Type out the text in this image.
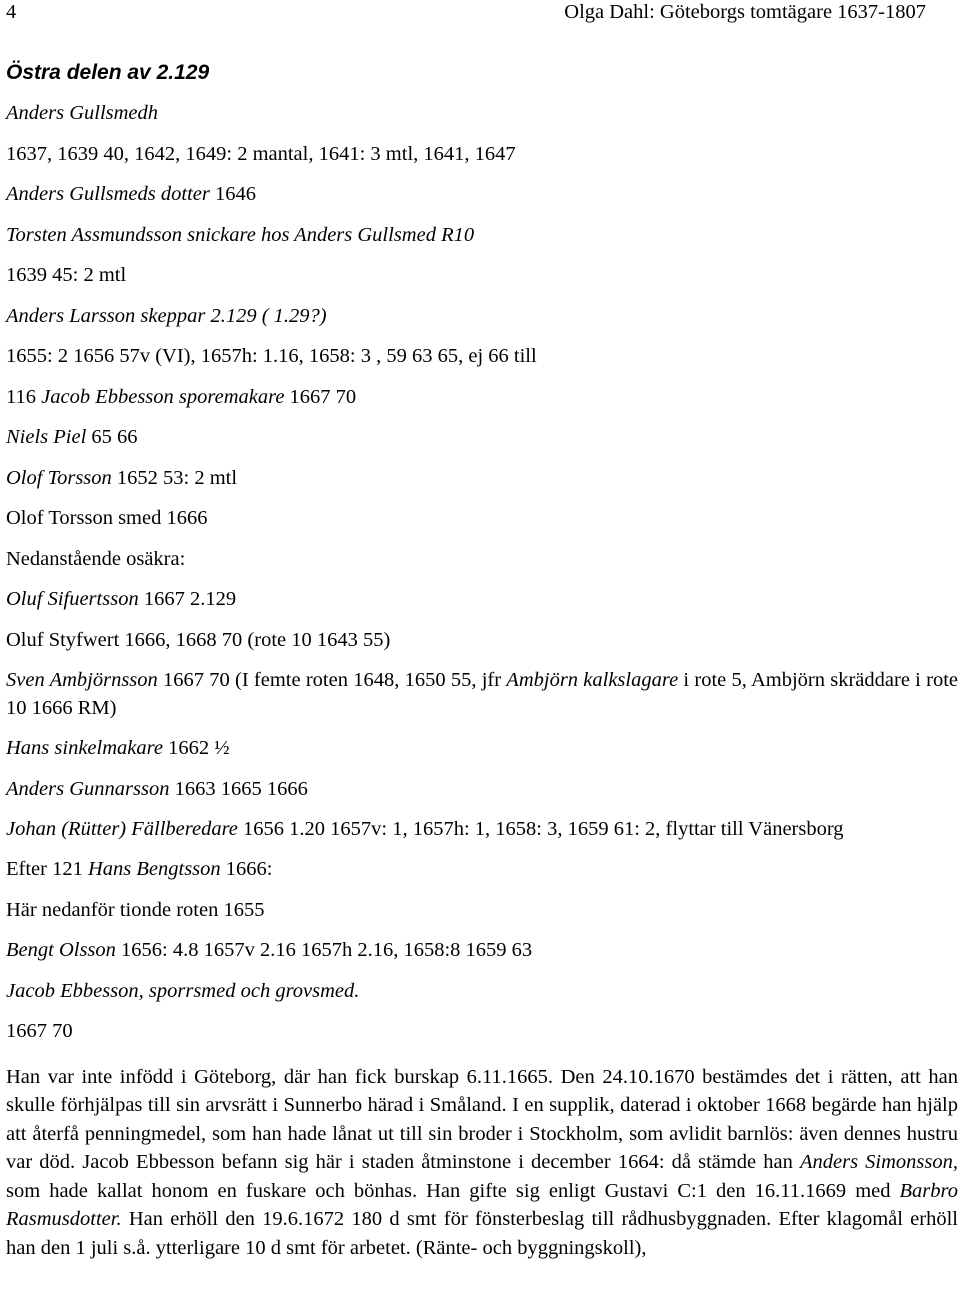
4	Olga Dahl: Göteborgs tomtägare 1637-1807
Östra delen av 2.129
Anders Gullsmedh
1637, 1639 40, 1642, 1649: 2 mantal, 1641: 3 mtl, 1641, 1647
Anders Gullsmeds dotter 1646
Torsten Assmundsson snickare hos Anders Gullsmed R10
1639 45: 2 mtl
Anders Larsson skeppar 2.129 ( 1.29?)
1655: 2 1656 57v (VI), 1657h: 1.16, 1658: 3 , 59 63 65, ej 66 till
116 Jacob Ebbesson sporemakare 1667 70
Niels Piel 65 66
Olof Torsson 1652 53: 2 mtl
Olof Torsson smed 1666
Nedanstående osäkra:
Oluf Sifuertsson 1667 2.129
Oluf Styfwert 1666, 1668 70 (rote 10 1643 55)
Sven Ambjörnsson 1667 70 (I femte roten 1648, 1650 55, jfr Ambjörn kalkslagare i rote 5, Ambjörn skräddare i rote 10 1666 RM)
Hans sinkelmakare 1662 ½
Anders Gunnarsson 1663 1665 1666
Johan (Rütter) Fällberedare 1656 1.20 1657v: 1, 1657h: 1, 1658: 3, 1659 61: 2, flyttar till Vänersborg
Efter 121 Hans Bengtsson 1666:
Här nedanför tionde roten 1655
Bengt Olsson 1656: 4.8 1657v 2.16 1657h 2.16, 1658:8 1659 63
Jacob Ebbesson, sporrsmed och grovsmed.
1667 70
Han var inte infödd i Göteborg, där han fick burskap 6.11.1665. Den 24.10.1670 bestämdes det i rätten, att han skulle förhjälpas till sin arvsrätt i Sunnerbo härad i Småland. I en supplik, daterad i oktober 1668 begärde han hjälp att återfå penningmedel, som han hade lånat ut till sin broder i Stockholm, som avlidit barnlös: även dennes hustru var död. Jacob Ebbesson befann sig här i staden åtminstone i december 1664: då stämde han Anders Simonsson, som hade kallat honom en fuskare och bönhas. Han gifte sig enligt Gustavi C:1 den 16.11.1669 med Barbro Rasmusdotter. Han erhöll den 19.6.1672 180 d smt för fönsterbeslag till rådhusbyggnaden. Efter klagomål erhöll han den 1 juli s.å. ytterligare 10 d smt för arbetet. (Ränte- och byggningskoll),
